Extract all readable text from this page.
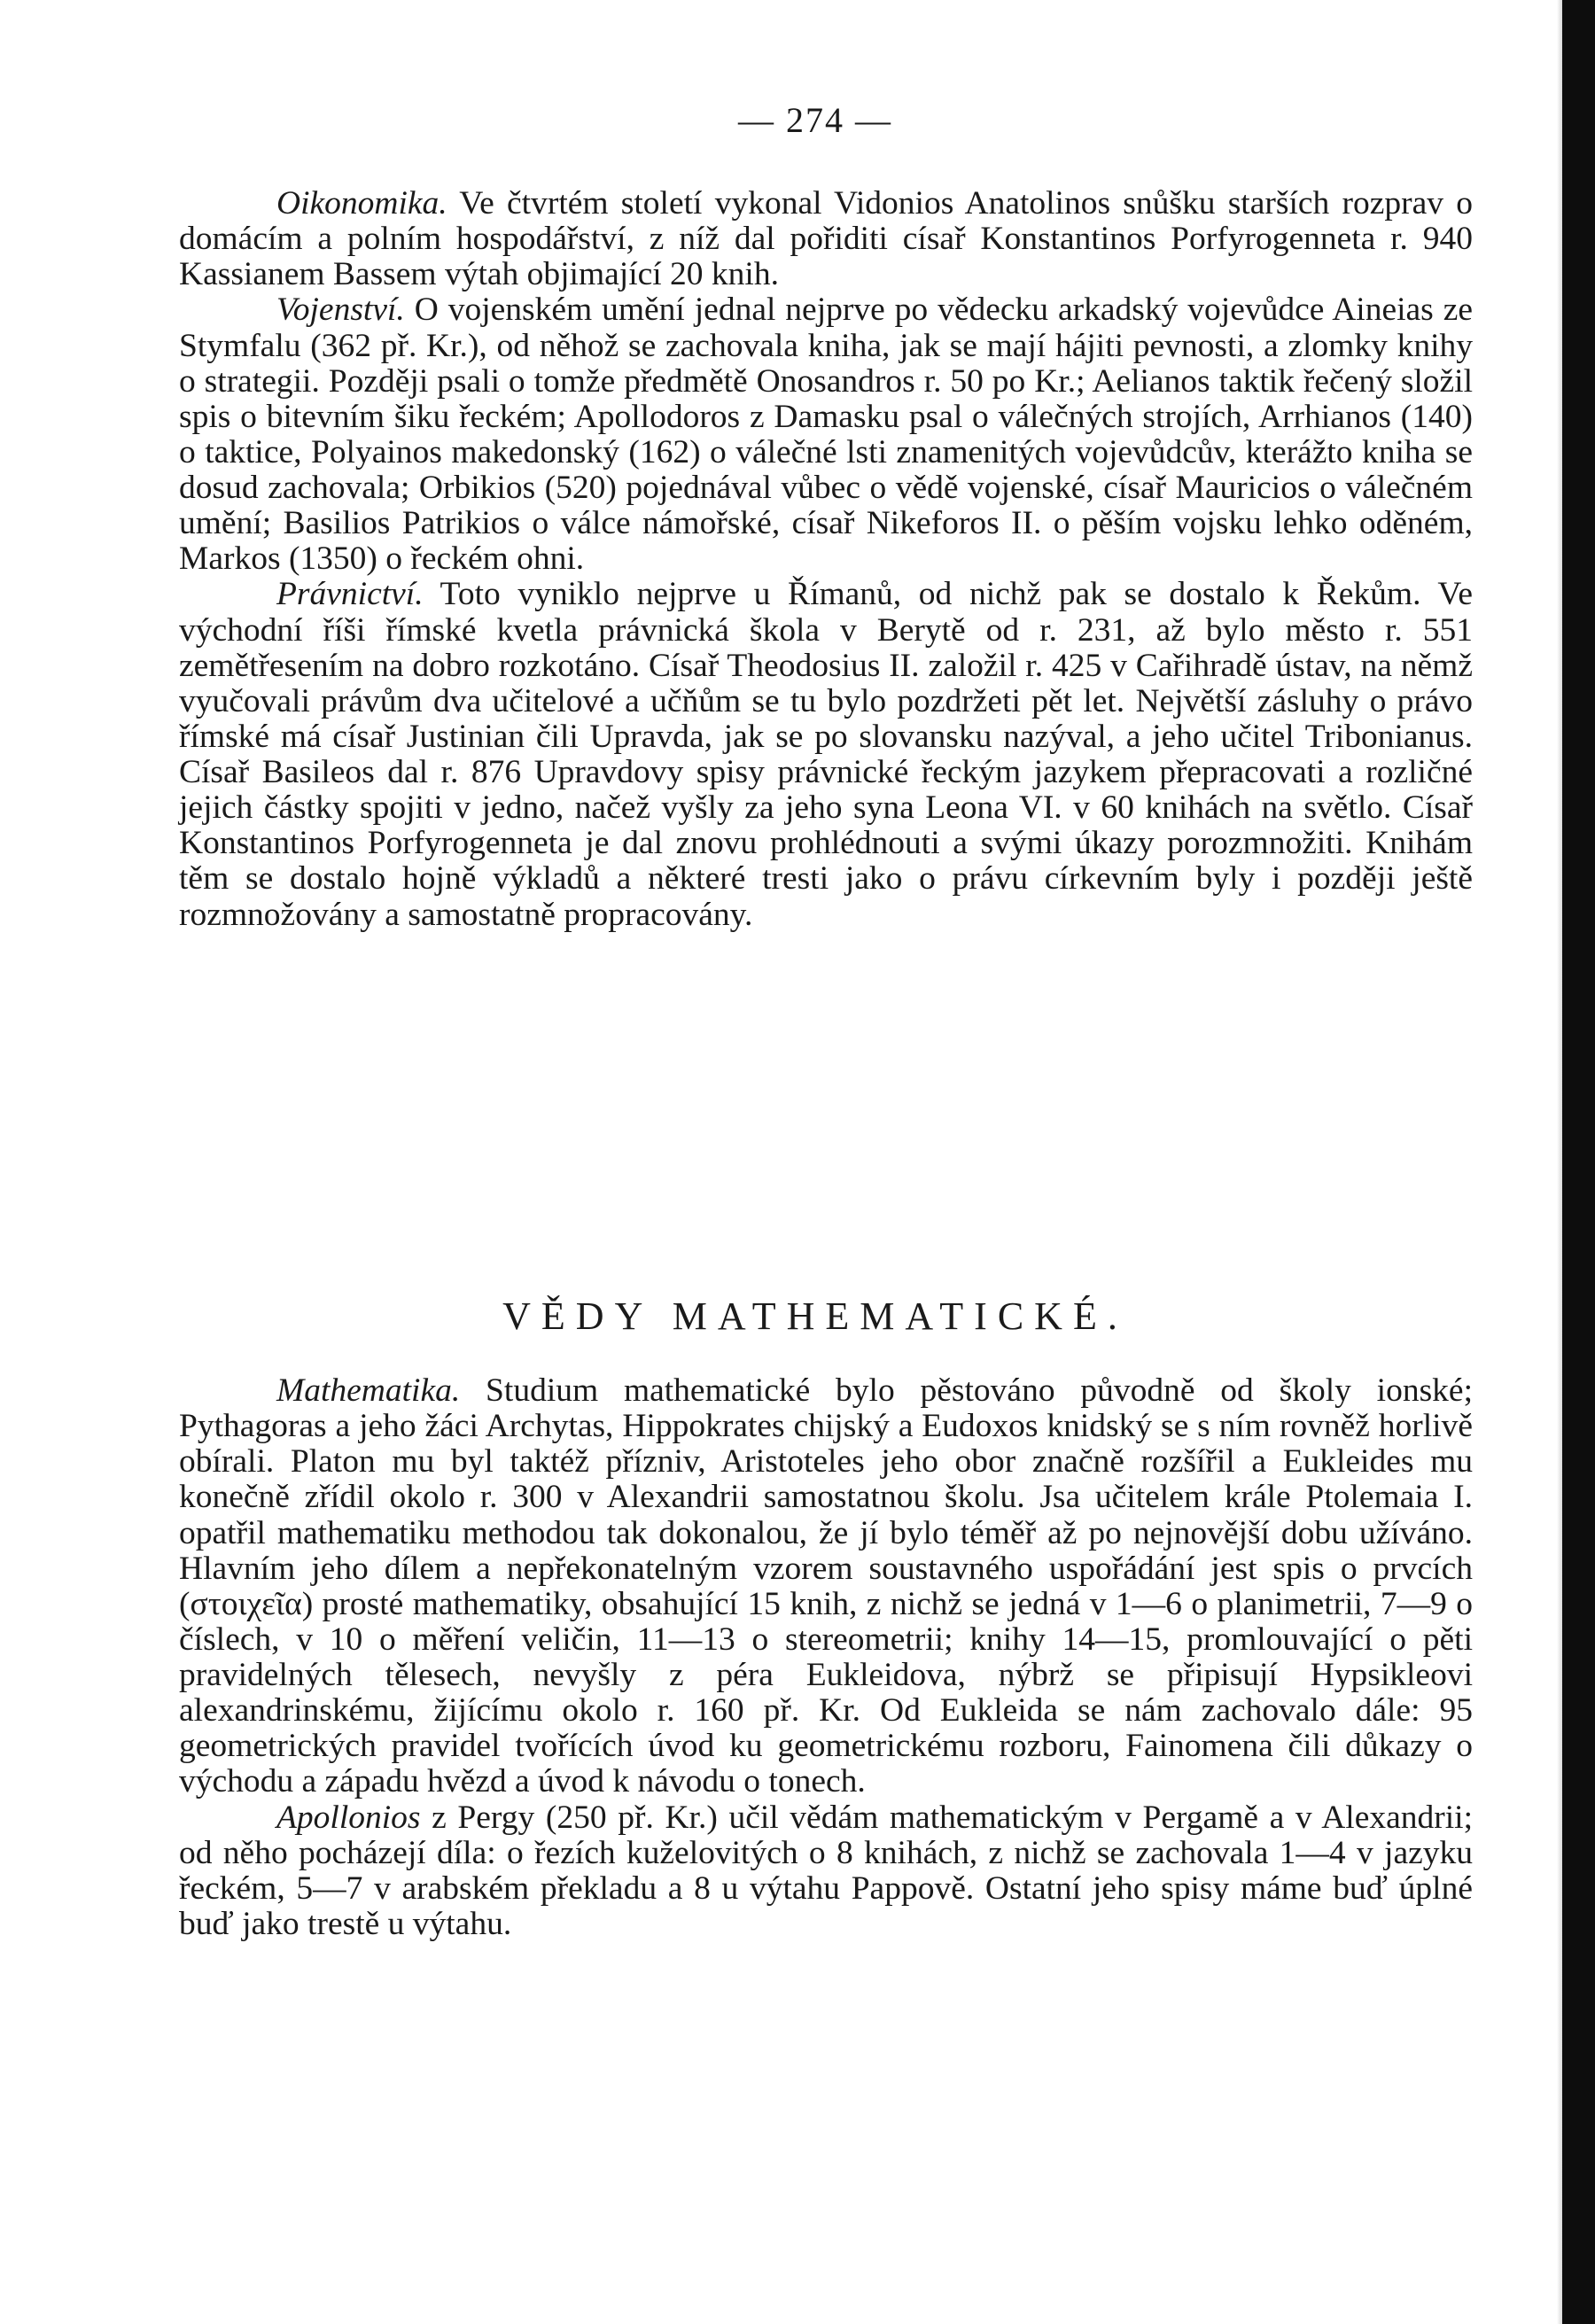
— 274 —

Oikonomika. Ve čtvrtém století vykonal Vidonios Anatolinos snůšku starších rozprav o domácím a polním hospodářství, z níž dal pořiditi císař Konstantinos Porfyrogenneta r. 940 Kassianem Bassem výtah objimající 20 knih.

Vojenství. O vojenském umění jednal nejprve po vědecku arkadský vojevůdce Aineias ze Stymfalu (362 př. Kr.), od něhož se zachovala kniha, jak se mají hájiti pevnosti, a zlomky knihy o strategii. Později psali o tomže předmětě Onosandros r. 50 po Kr.; Aelianos taktik řečený složil spis o bitevním šiku řeckém; Apollodoros z Damasku psal o válečných strojích, Arrhianos (140) o taktice, Polyainos makedonský (162) o válečné lsti znamenitých vojevůdcův, kterážto kniha se dosud zachovala; Orbikios (520) pojednával vůbec o vědě vojenské, císař Mauricios o válečném umění; Basilios Patrikios o válce námořské, císař Nikeforos II. o pěším vojsku lehko oděném, Markos (1350) o řeckém ohni.

Právnictví. Toto vyniklo nejprve u Římanů, od nichž pak se dostalo k Řekům. Ve východní říši římské kvetla právnická škola v Berytě od r. 231, až bylo město r. 551 zemětřesením na dobro rozkotáno. Císař Theodosius II. založil r. 425 v Cařihradě ústav, na němž vyučovali právům dva učitelové a učňům se tu bylo pozdržeti pět let. Největší zásluhy o právo římské má císař Justinian čili Upravda, jak se po slovansku nazýval, a jeho učitel Tribonianus. Císař Basileos dal r. 876 Upravdovy spisy právnické řeckým jazykem přepracovati a rozličné jejich částky spojiti v jedno, načež vyšly za jeho syna Leona VI. v 60 knihách na světlo. Císař Konstantinos Porfyrogenneta je dal znovu prohlédnouti a svými úkazy porozmnožiti. Knihám těm se dostalo hojně výkladů a některé tresti jako o právu církevním byly i později ještě rozmnožovány a samostatně propracovány.

VĚDY MATHEMATICKÉ.

Mathematika. Studium mathematické bylo pěstováno původně od školy ionské; Pythagoras a jeho žáci Archytas, Hippokrates chijský a Eudoxos knidský se s ním rovněž horlivě obírali. Platon mu byl taktéž přízniv, Aristoteles jeho obor značně rozšířil a Eukleides mu konečně zřídil okolo r. 300 v Alexandrii samostatnou školu. Jsa učitelem krále Ptolemaia I. opatřil mathematiku methodou tak dokonalou, že jí bylo téměř až po nejnovější dobu užíváno. Hlavním jeho dílem a nepřekonatelným vzorem soustavného uspořádání jest spis o prvcích (στοιχεῖα) prosté mathematiky, obsahující 15 knih, z nichž se jedná v 1—6 o planimetrii, 7—9 o číslech, v 10 o měření veličin, 11—13 o stereometrii; knihy 14—15, promlouvající o pěti pravidelných tělesech, nevyšly z péra Eukleidova, nýbrž se připisují Hypsikleovi alexandrinskému, žijícímu okolo r. 160 př. Kr. Od Eukleida se nám zachovalo dále: 95 geometrických pravidel tvořících úvod ku geometrickému rozboru, Fainomena čili důkazy o východu a západu hvězd a úvod k návodu o tonech.

Apollonios z Pergy (250 př. Kr.) učil vědám mathematickým v Pergamě a v Alexandrii; od něho pocházejí díla: o řezích kuželovitých o 8 knihách, z nichž se zachovala 1—4 v jazyku řeckém, 5—7 v arabském překladu a 8 u výtahu Pappově. Ostatní jeho spisy máme buď úplné buď jako trestě u výtahu.
